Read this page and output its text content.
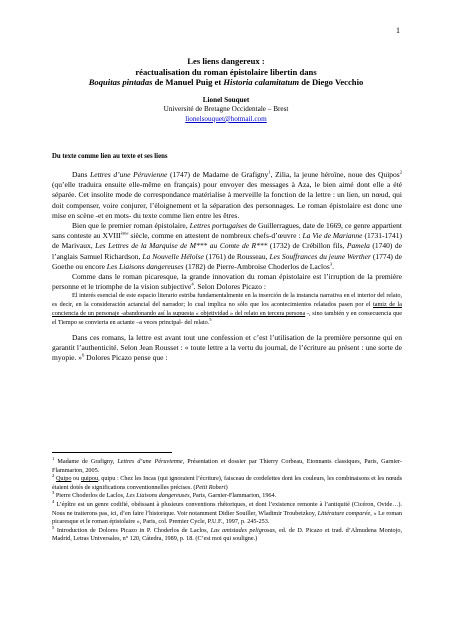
1
Les liens dangereux :
réactualisation du roman épistolaire libertin dans
Boquitas pintadas de Manuel Puig et Historia calamitatum de Diego Vecchio
Lionel Souquet
Université de Bretagne Occidentale – Brest
lionelsouquet@hotmail.com
Du texte comme lien au texte et ses liens

Dans Lettres d’une Péruvienne (1747) de Madame de Grafigny$^1$, Zilia, la jeune héroïne, noue des Quipos$^2$ (qu’elle traduira ensuite elle-même en français) pour envoyer des messages à Aza, le bien aimé dont elle a été séparée. Cet insolite mode de correspondance matérialise à merveille la fonction de la lettre : un lien, un nœud, qui doit compenser, voire conjurer, l’éloignement et la séparation des personnages. Le roman épistolaire est donc une mise en scène -et en mots- du texte comme lien entre les êtres.

Bien que le premier roman épistolaire, Lettres portugaises de Guillerragues, date de 1669, ce genre appartient sans conteste au XVIIIème siècle, comme en attestent de nombreux chefs-d’œuvre : La Vie de Marianne (1731-1741) de Marivaux, Les Lettres de la Marquise de M*** au Comte de R*** (1732) de Crébillon fils, Pamela (1740) de l’anglais Samuel Richardson, La Nouvelle Héloïse (1761) de Rousseau, Les Souffrances du jeune Werther (1774) de Goethe ou encore Les Liaisons dangereuses (1782) de Pierre-Ambroise Choderlos de Laclos$^3$.

Comme dans le roman picaresque, la grande innovation du roman épistolaire est l’irruption de la première personne et le triomphe de la vision subjective$^4$. Selon Dolores Picazo :

El interés esencial de este espacio literario estriba fundamentalmente en la inserción de la instancia narrativa en el interior del relato, es decir, en la consideración actancial del narrador; lo cual implica no sólo que los acontecimientos relatados pasen por el tamiz de la conciencia de un personaje -abandonando así la supuesta « objetividad » del relato en tercera persona -, sino también y en consecuencia que el Tiempo se convierta en actante –a veces principal- del relato.$^5$

Dans ces romans, la lettre est avant tout une confession et c’est l’utilisation de la première personne qui en garantit l’authenticité. Selon Jean Rousset : « toute lettre a la vertu du journal, de l’écriture au présent : une sorte de myopie. »$^6$ Dolores Picazo pense que :

$^1$ Madame de Grafigny, Lettres d’une Péruvienne, Présentation et dossier par Thierry Corbeau, Etonnants classiques, Paris, Garnier-Flammarion, 2005.

$^2$ Quipo ou quipou, quipu : Chez les Incas (qui ignoraient l’écriture), faisceau de cordelettes dont les couleurs, les combinaisons et les nœuds étaient dotés de significations conventionnelles précises. (Petit Robert)

$^3$ Pierre Choderlos de Laclos, Les Liaisons dangereuses, Paris, Garnier-Flammarion, 1964.

$^4$ L’épître est un genre codifié, obéissant à plusieurs conventions rhétoriques, et dont l’existence remonte à l’antiquité (Cicéron, Ovide…). Nous ne traiterons pas, ici, d’en faire l’historique. Voir notamment Didier Souiller, Wladimir Troubetzkoy, Littérature comparée, « Le roman picaresque et le roman épistolaire », Paris, col. Premier Cycle, P.U.F., 1997, p. 245-253.

$^5$ Introduction de Dolores Picazo in P. Choderlos de Laclos, Las amistades peligrosas, ed. de D. Picazo et trad. d’Almudena Montojo, Madrid, Letras Universales, n° 120, Cátedra, 1989, p. 18. (C’est moi qui souligne.)
